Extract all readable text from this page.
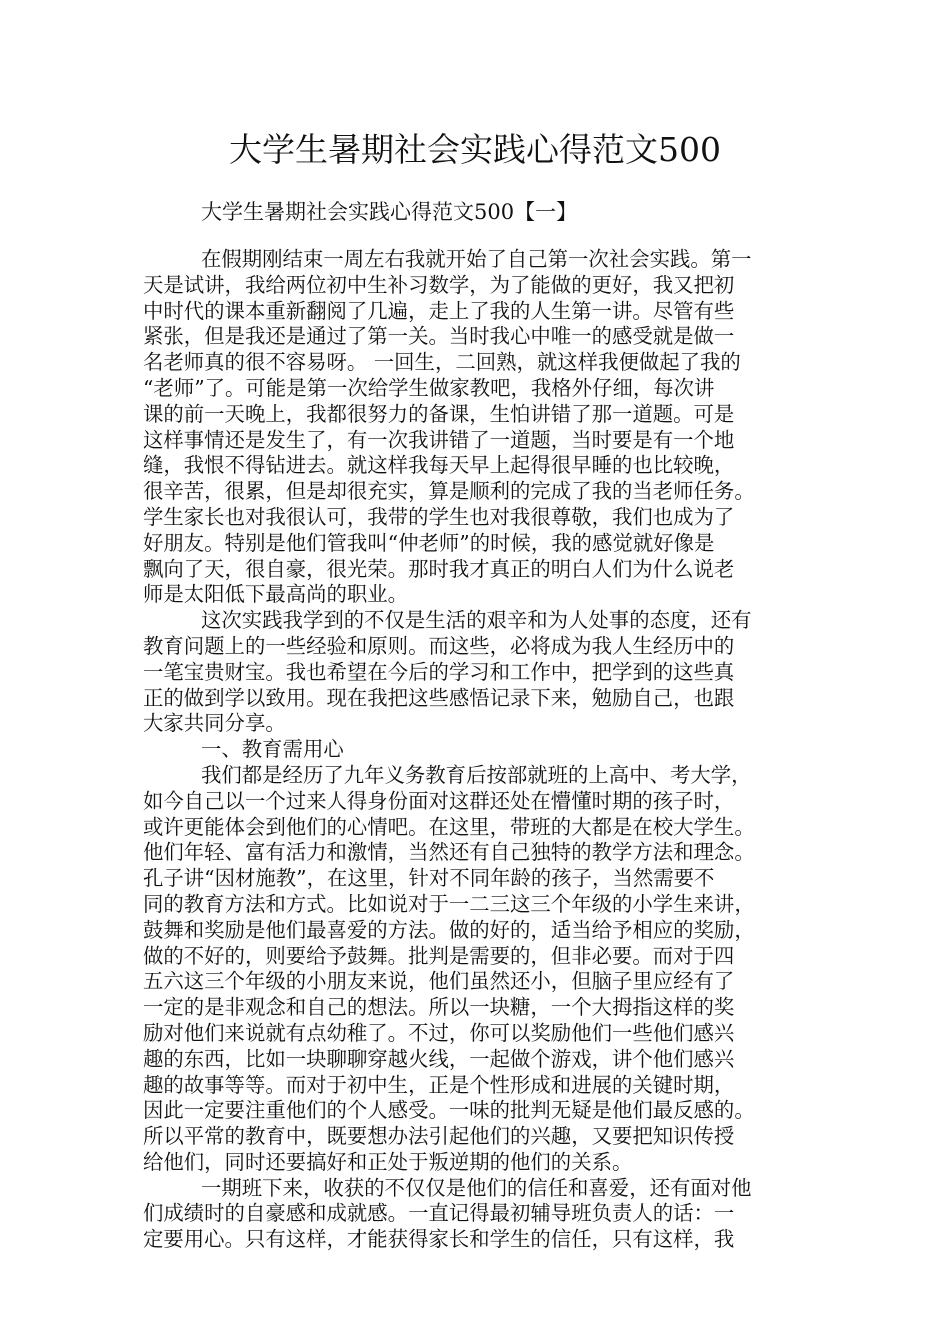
大学生暑期社会实践心得范文500

大学生暑期社会实践心得范文500【一】

在假期刚结束一周左右我就开始了自己第一次社会实践。第一
天是试讲，我给两位初中生补习数学，为了能做的更好，我又把初
中时代的课本重新翻阅了几遍，走上了我的人生第一讲。尽管有些
紧张，但是我还是通过了第一关。当时我心中唯一的感受就是做一
名老师真的很不容易呀。 一回生，二回熟，就这样我便做起了我的
“老师”了。可能是第一次给学生做家教吧，我格外仔细，每次讲
课的前一天晚上，我都很努力的备课，生怕讲错了那一道题。可是
这样事情还是发生了，有一次我讲错了一道题，当时要是有一个地
缝，我恨不得钻进去。就这样我每天早上起得很早睡的也比较晚，
很辛苦，很累，但是却很充实，算是顺利的完成了我的当老师任务。
学生家长也对我很认可，我带的学生也对我很尊敬，我们也成为了
好朋友。特别是他们管我叫“仲老师”的时候，我的感觉就好像是
飘向了天，很自豪，很光荣。那时我才真正的明白人们为什么说老
师是太阳低下最高尚的职业。
这次实践我学到的不仅是生活的艰辛和为人处事的态度，还有
教育问题上的一些经验和原则。而这些，必将成为我人生经历中的
一笔宝贵财宝。我也希望在今后的学习和工作中，把学到的这些真
正的做到学以致用。现在我把这些感悟记录下来，勉励自己，也跟
大家共同分享。
一、教育需用心
我们都是经历了九年义务教育后按部就班的上高中、考大学，
如今自己以一个过来人得身份面对这群还处在懵懂时期的孩子时，
或许更能体会到他们的心情吧。在这里，带班的大都是在校大学生。
他们年轻、富有活力和激情，当然还有自己独特的教学方法和理念。
孔子讲“因材施教”，在这里，针对不同年龄的孩子，当然需要不
同的教育方法和方式。比如说对于一二三这三个年级的小学生来讲，
鼓舞和奖励是他们最喜爱的方法。做的好的，适当给予相应的奖励，
做的不好的，则要给予鼓舞。批判是需要的，但非必要。而对于四
五六这三个年级的小朋友来说，他们虽然还小，但脑子里应经有了
一定的是非观念和自己的想法。所以一块糖，一个大拇指这样的奖
励对他们来说就有点幼稚了。不过，你可以奖励他们一些他们感兴
趣的东西，比如一块聊聊穿越火线，一起做个游戏，讲个他们感兴
趣的故事等等。而对于初中生，正是个性形成和进展的关键时期，
因此一定要注重他们的个人感受。一味的批判无疑是他们最反感的。
所以平常的教育中，既要想办法引起他们的兴趣，又要把知识传授
给他们，同时还要搞好和正处于叛逆期的他们的关系。
一期班下来，收获的不仅仅是他们的信任和喜爱，还有面对他
们成绩时的自豪感和成就感。一直记得最初辅导班负责人的话：一
定要用心。只有这样，才能获得家长和学生的信任，只有这样，我
